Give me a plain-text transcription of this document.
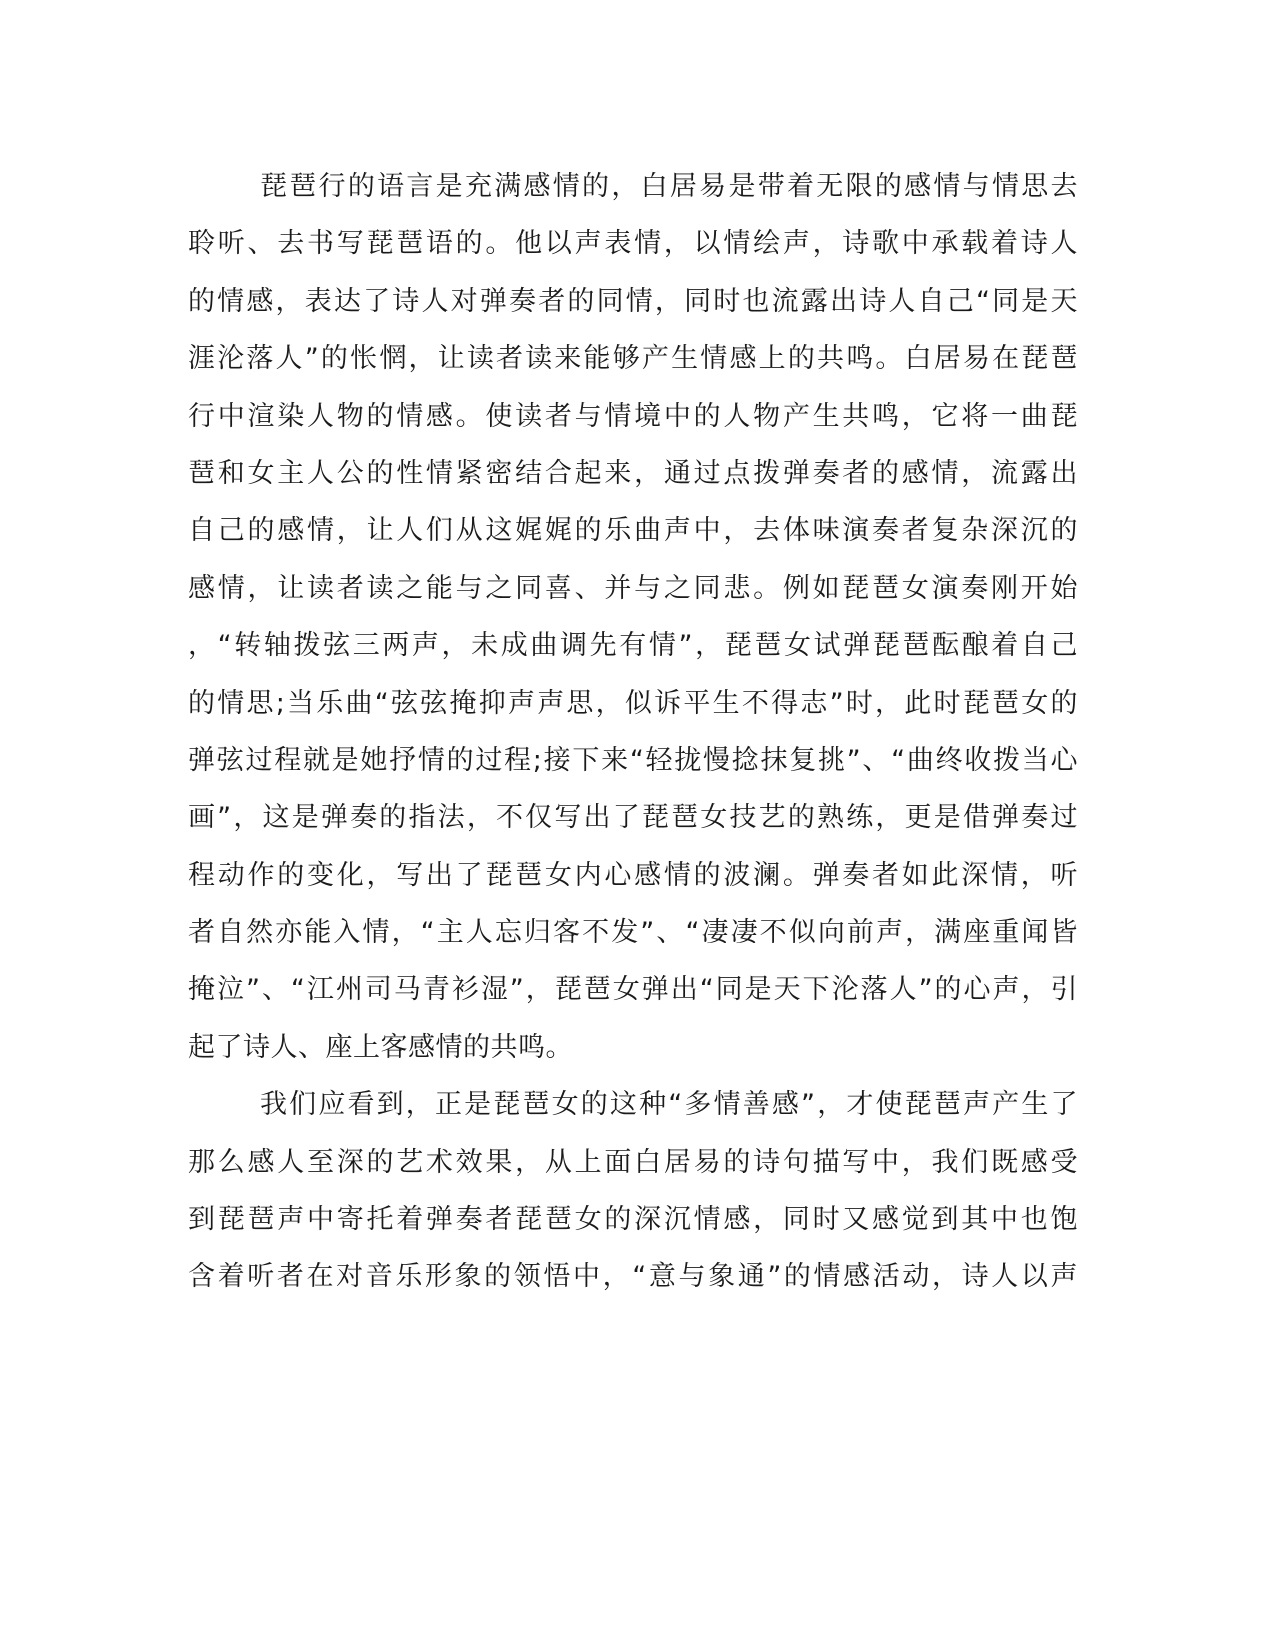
琵琶行的语言是充满感情的，白居易是带着无限的感情与情思去
聆听、去书写琵琶语的。他以声表情，以情绘声，诗歌中承载着诗人
的情感，表达了诗人对弹奏者的同情，同时也流露出诗人自己“同是天
涯沦落人”的怅惘，让读者读来能够产生情感上的共鸣。白居易在琵琶
行中渲染人物的情感。使读者与情境中的人物产生共鸣，它将一曲琵
琶和女主人公的性情紧密结合起来，通过点拨弹奏者的感情，流露出
自己的感情，让人们从这娓娓的乐曲声中，去体味演奏者复杂深沉的
感情，让读者读之能与之同喜、并与之同悲。例如琵琶女演奏刚开始
，“转轴拨弦三两声，未成曲调先有情”，琵琶女试弹琵琶酝酿着自己
的情思;当乐曲“弦弦掩抑声声思，似诉平生不得志”时，此时琵琶女的
弹弦过程就是她抒情的过程;接下来“轻拢慢捻抹复挑”、“曲终收拨当心
画”，这是弹奏的指法，不仅写出了琵琶女技艺的熟练，更是借弹奏过
程动作的变化，写出了琵琶女内心感情的波澜。弹奏者如此深情，听
者自然亦能入情，“主人忘归客不发”、“凄凄不似向前声，满座重闻皆
掩泣”、“江州司马青衫湿”，琵琶女弹出“同是天下沦落人”的心声，引
起了诗人、座上客感情的共鸣。
我们应看到，正是琵琶女的这种“多情善感”，才使琵琶声产生了
那么感人至深的艺术效果，从上面白居易的诗句描写中，我们既感受
到琵琶声中寄托着弹奏者琵琶女的深沉情感，同时又感觉到其中也饱
含着听者在对音乐形象的领悟中，“意与象通”的情感活动，诗人以声
